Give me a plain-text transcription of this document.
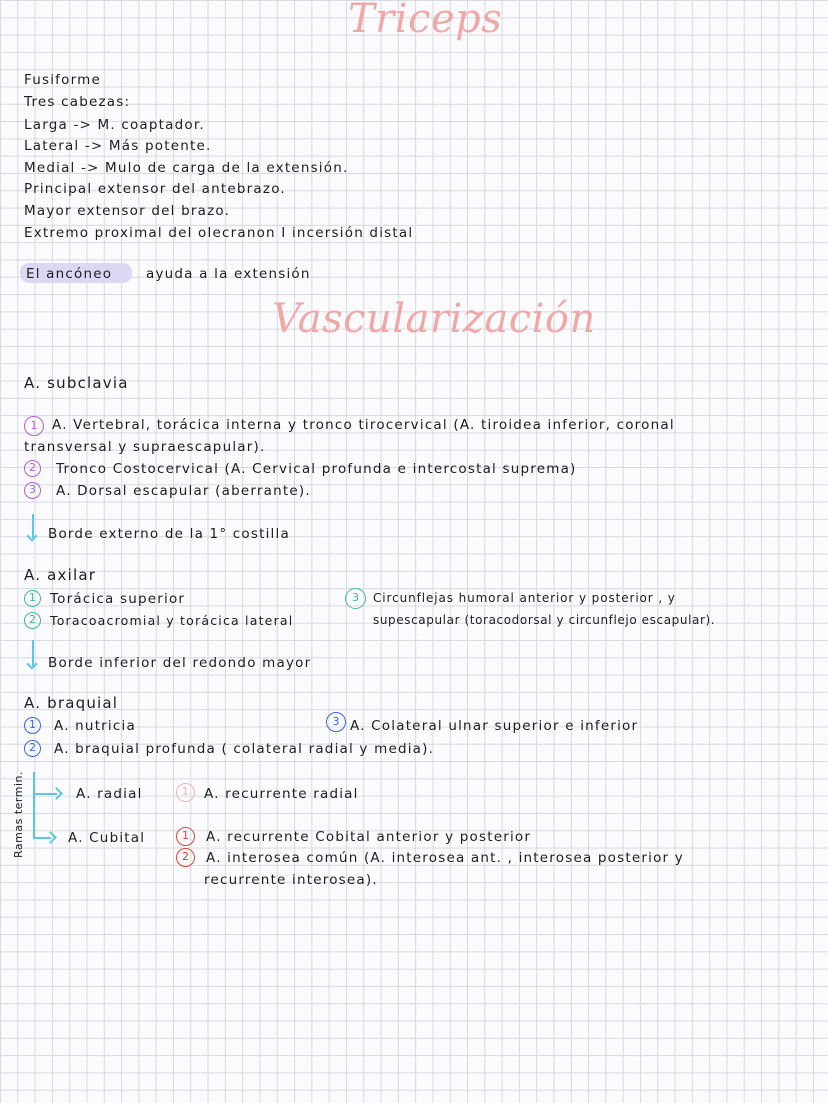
Triceps
Fusiforme
Tres cabezas:
Larga -> M. coaptador.
Lateral -> Más potente.
Medial -> Mulo de carga de la extensión.
Principal extensor del antebrazo.
Mayor extensor del brazo.
Extremo proximal del olecranon I incersión distal
El ancóneo	ayuda a la extensión
Vascularización
A. subclavia
1	A. Vertebral, torácica interna y tronco tirocervical (A. tiroidea inferior, coronal
transversal y supraescapular).
2	Tronco Costocervical (A. Cervical profunda e intercostal suprema)
3	A. Dorsal escapular (aberrante).
Borde externo de la 1° costilla
A. axilar
1	Torácica superior
2	Toracoacromial y torácica lateral
3	Circunflejas humoral anterior y posterior , y
supescapular (toracodorsal y circunflejo escapular).
Borde inferior del redondo mayor
A. braquial
1	A. nutricia
2	A. braquial profunda ( colateral radial y media).
3 A. Colateral ulnar superior e inferior
Ramas termin.	A. radial	1	A. recurrente radial
A. Cubital	1	A. recurrente Cobital anterior y posterior
2	A. interosea común (A. interosea ant. , interosea posterior y
recurrente interosea).
